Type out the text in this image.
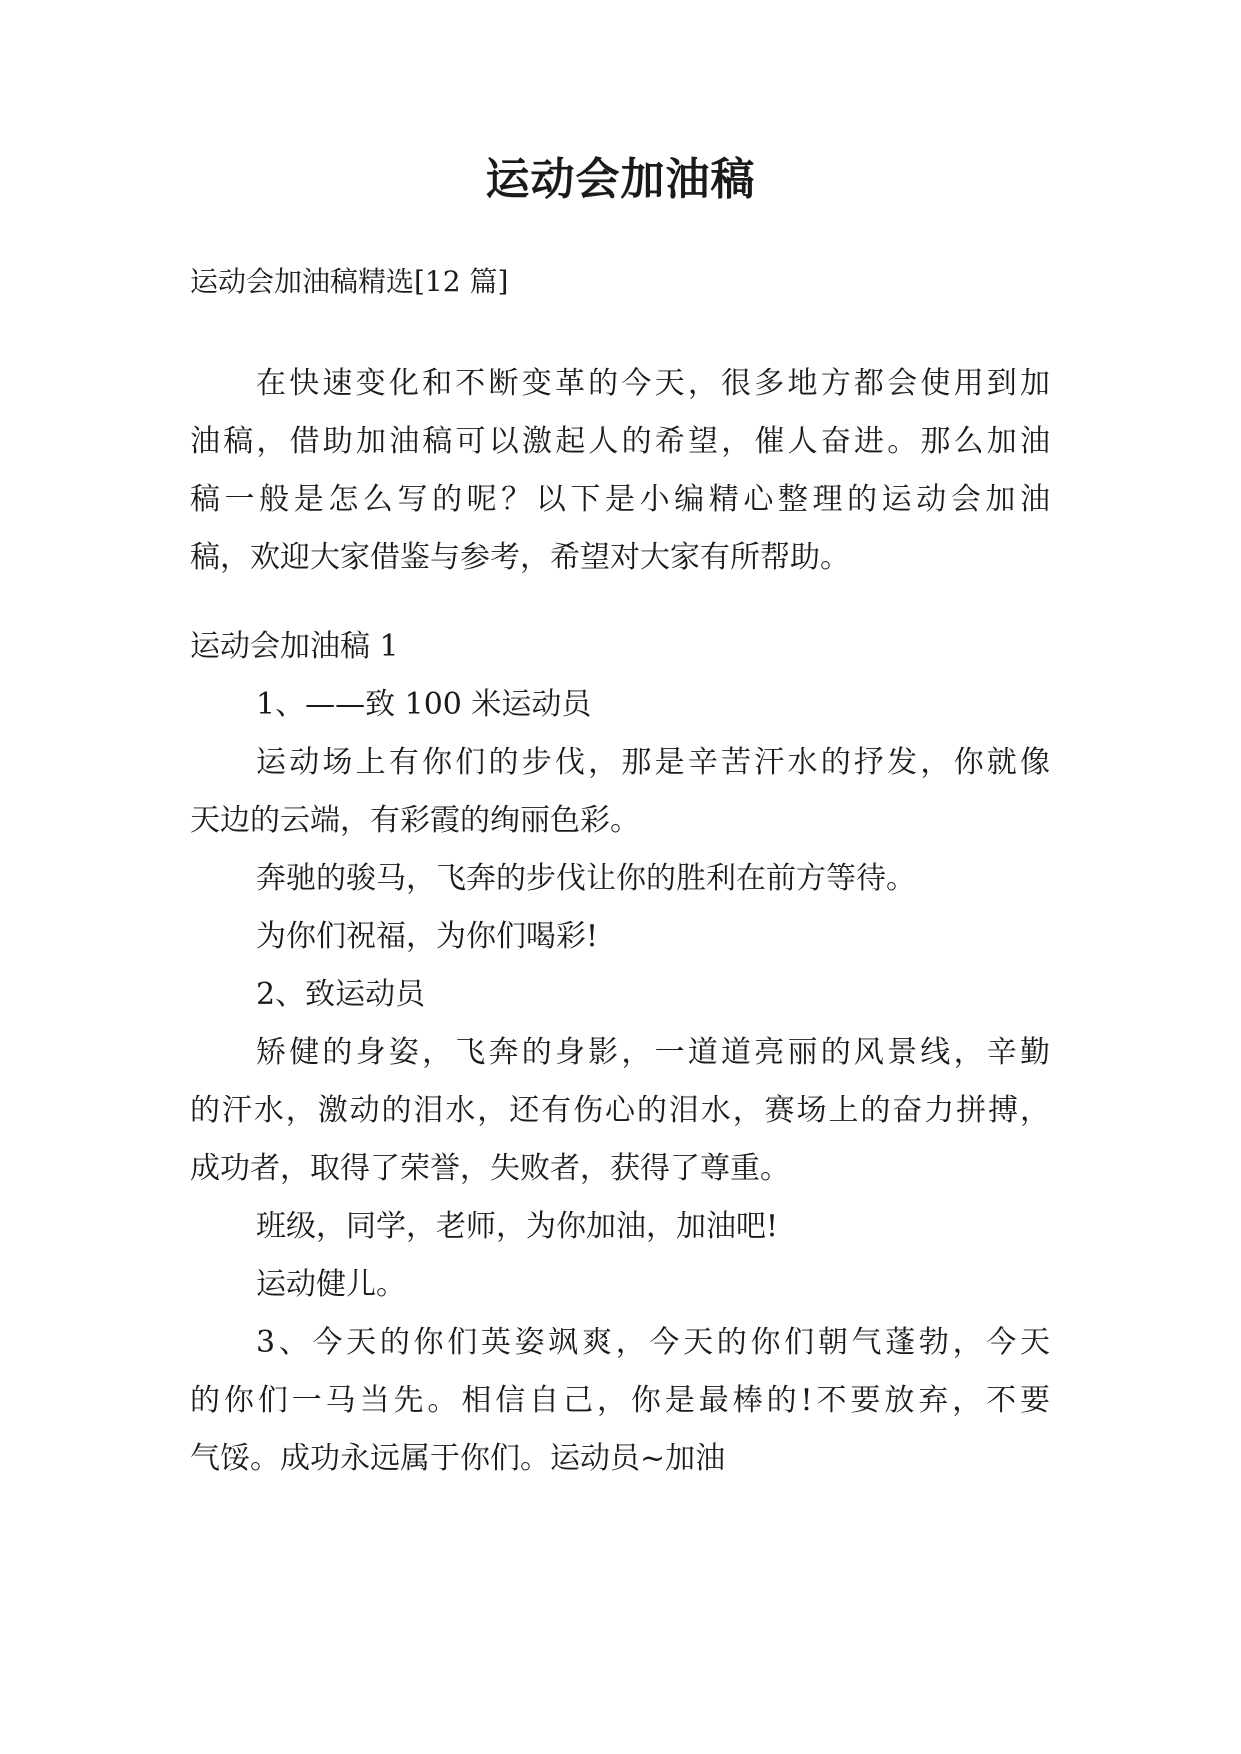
运动会加油稿
运动会加油稿精选[12 篇]
在快速变化和不断变革的今天，很多地方都会使用到加
油稿，借助加油稿可以激起人的希望，催人奋进。那么加油
稿一般是怎么写的呢？以下是小编精心整理的运动会加油
稿，欢迎大家借鉴与参考，希望对大家有所帮助。
运动会加油稿 1
1、——致 100 米运动员
运动场上有你们的步伐，那是辛苦汗水的抒发，你就像
天边的云端，有彩霞的绚丽色彩。
奔驰的骏马，飞奔的步伐让你的胜利在前方等待。
为你们祝福，为你们喝彩!
2、致运动员
矫健的身姿，飞奔的身影，一道道亮丽的风景线，辛勤
的汗水，激动的泪水，还有伤心的泪水，赛场上的奋力拼搏，
成功者，取得了荣誉，失败者，获得了尊重。
班级，同学，老师，为你加油，加油吧!
运动健儿。
3、今天的你们英姿飒爽，今天的你们朝气蓬勃，今天
的你们一马当先。相信自己，你是最棒的!不要放弃，不要
气馁。成功永远属于你们。运动员~加油
